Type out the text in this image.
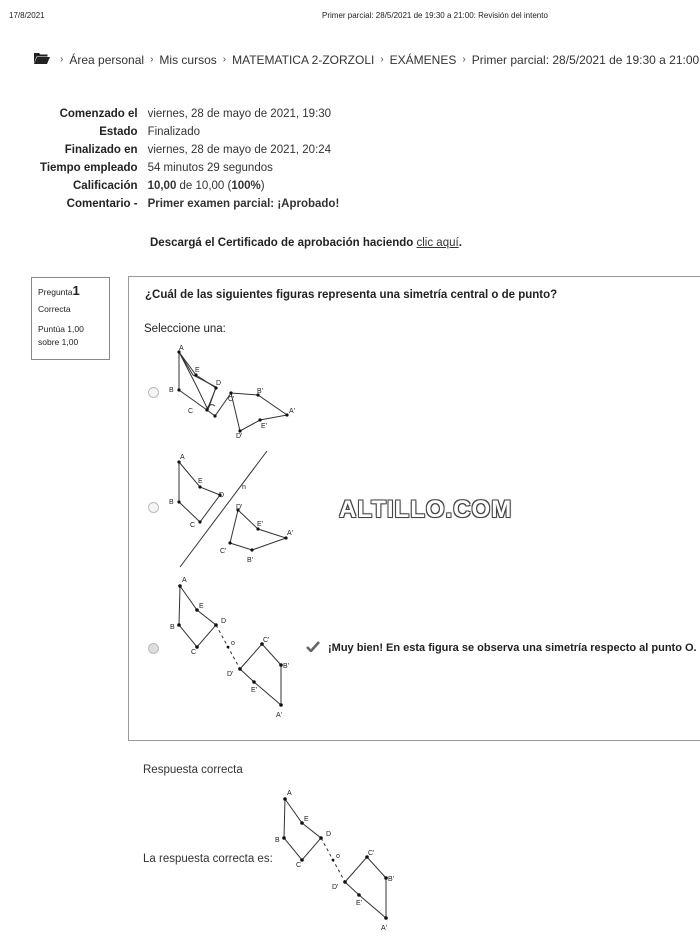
17/8/2021	Primer parcial: 28/5/2021 de 19:30 a 21:00: Revisión del intento
› Área personal › Mis cursos › MATEMATICA 2-ZORZOLI › EXÁMENES › Primer parcial: 28/5/2021 de 19:30 a 21:00
Comenzado el	viernes, 28 de mayo de 2021, 19:30
Estado	Finalizado
Finalizado en	viernes, 28 de mayo de 2021, 20:24
Tiempo empleado	54 minutos 29 segundos
Calificación	10,00 de 10,00 (100%)
Comentario -	Primer examen parcial: ¡Aprobado!
Descargá el Certificado de aprobación haciendo clic aquí.
Pregunta1
Correcta
Puntúa 1,00
sobre 1,00
¿Cuál de las siguientes figuras representa una simetría central o de punto?
Seleccione una:
A
E
D
C
B
C'
B'
A'
E'
D'
A
E
D
C
B
n
D'
E'
A'
C'
B'
A
E
D
C
B
o	C'
B'
D'
E'
A'
¡Muy bien! En esta figura se observa una simetría respecto al punto O.
ALTILLO.COM
Respuesta correcta
La respuesta correcta es:
A
E
D
C
B
o	C'
B'
D'
E'
A'
